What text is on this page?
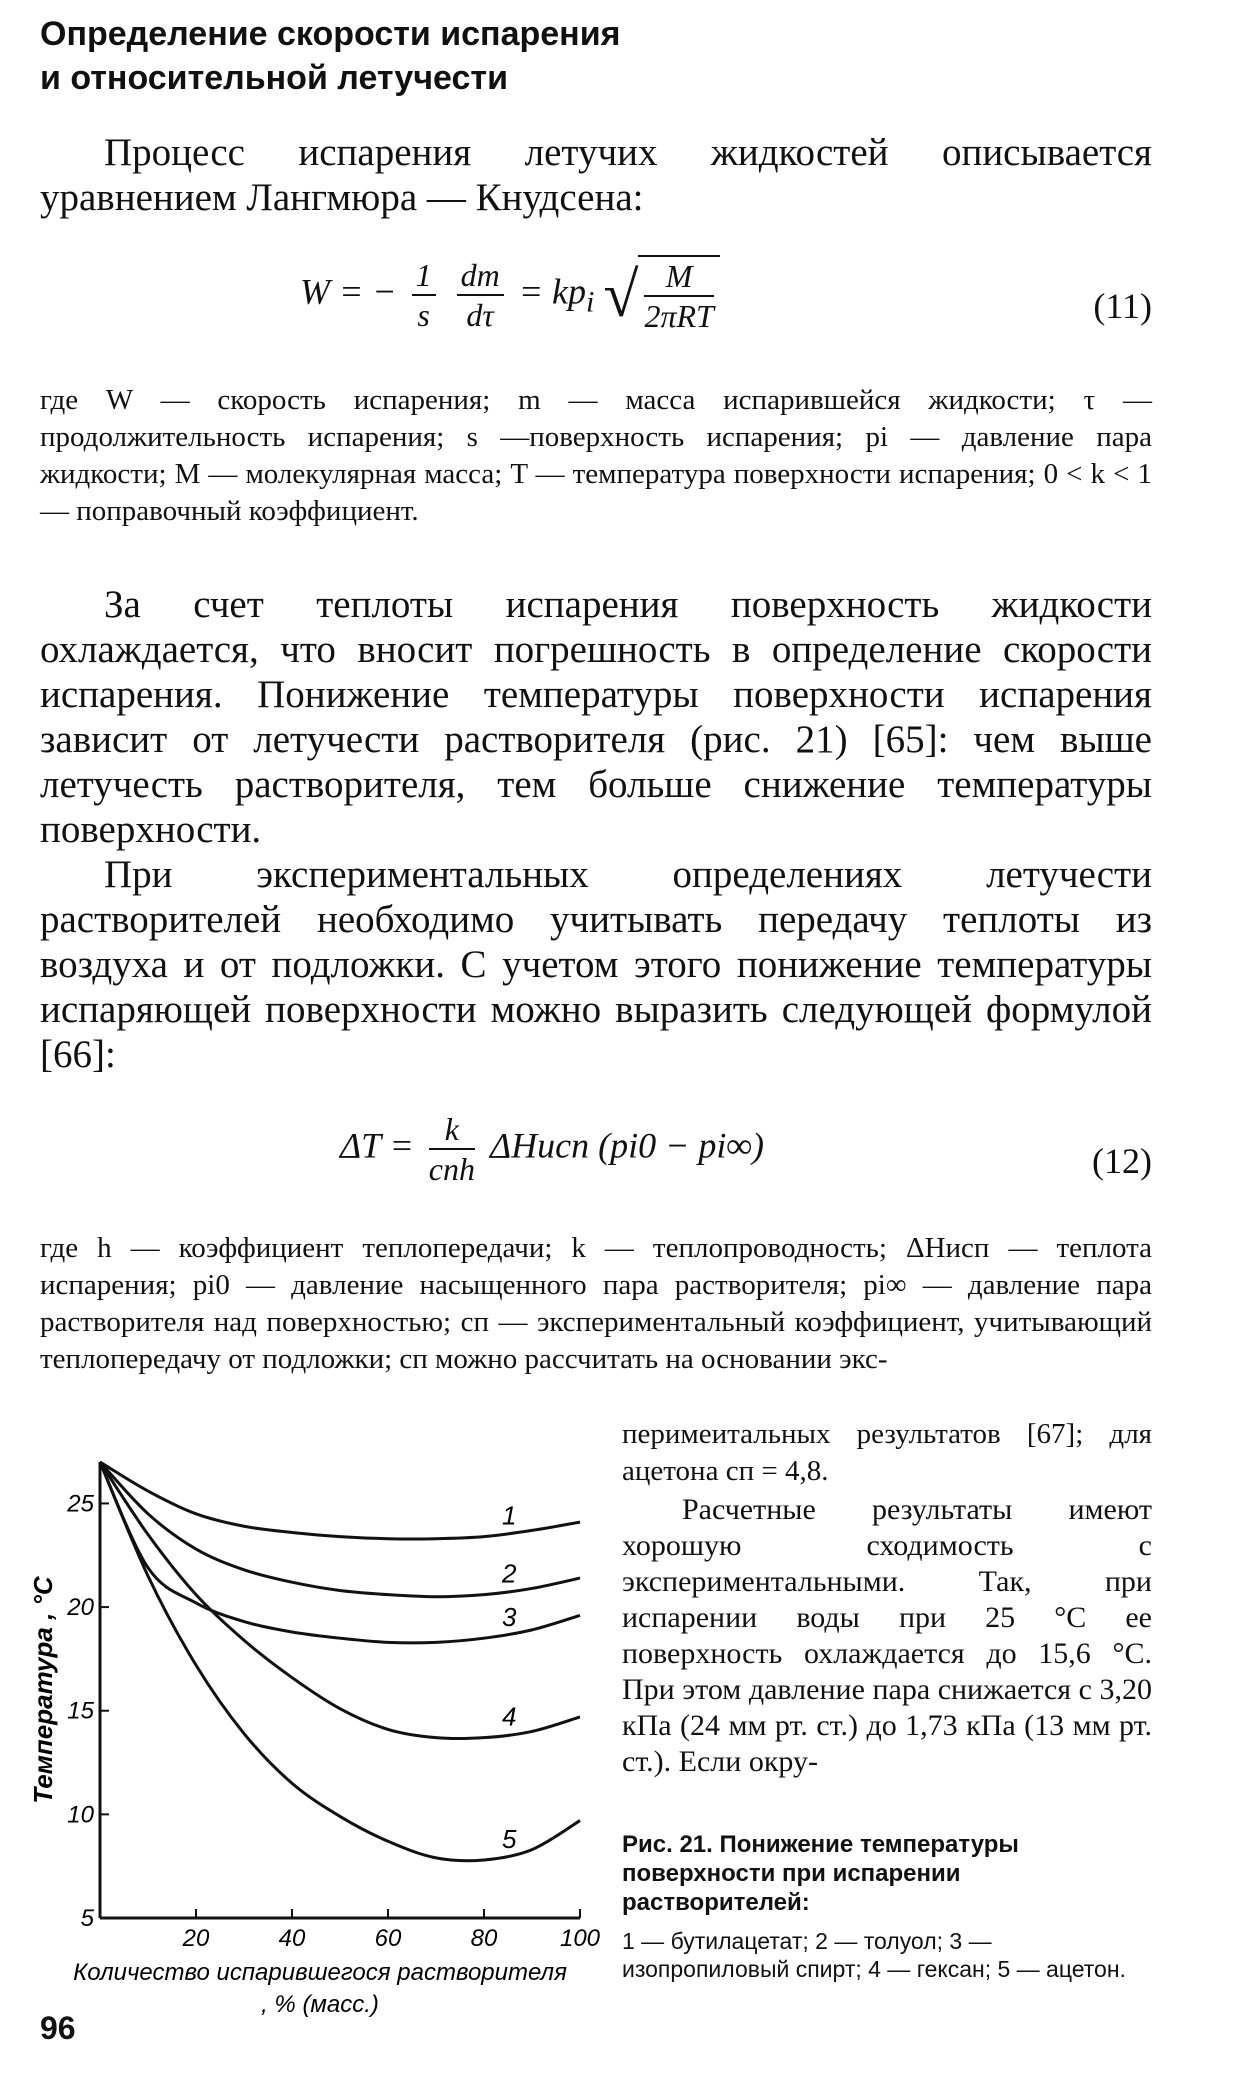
Определение скорости испарения
и относительной летучести
Процесс испарения летучих жидкостей описывается уравнением Лангмюра — Кнудсена:
W = − $\frac{1}{s}$
$\frac{dm}{d\tau} = kp_i$ √ $\frac{M}{\text{2πRT}}$	(11)
где W — скорость испарения; m — масса испарившейся жидкости; τ — продолжительность испарения; s —поверхность испарения; pi — давление пара жидкоcти; M — молекулярная масса; T — температура поверхности испарения; 0 < k < 1 — поправочный коэффициент.
За счет теплоты испарения поверхность жидкости охлаждается, что вносит погрешность в определение скорости испарения. Понижение температуры поверхности испарения зависит от летучести растворителя (рис. 21) [65]: чем выше летучесть растворителя, тем больше снижение температуры поверхности.
При экспериментальных определениях летучести растворителей необходимо учитывать передачу теплоты из воздуха и от подложки. С учетом этого понижение температуры испаряющей поверхности можно выразить следующей формулой [66]:
$\Delta T = \frac{k}{\text{cпh}}$ ΔHисп (pi0 − pi∞)	(12)
где h — коэффициент теплопередачи; k — теплопроводность; ΔHисп — теплота испарения; pi0 — давление насыщенного пара растворителя; pi∞ — давление пара растворителя над поверхностью; cп — экспериментальный коэффициент, учитывающий теплопередачу от подложки; cп можно рассчитать на основании экс-
перимеитальных результатов [67]; для ацетона cп = 4,8.
Расчетные результаты имеют хорошую сходимость с экспериментальными. Так, при испарении воды при 25 °С ее поверхность охлаждается до 15,6 °С. При этом давление пара снижается с 3,20 кПа (24 мм рт. ст.) до 1,73 кПа (13 мм рт. ст.). Если окру-
20	40	60	80	100
5
10
15
20
25
Температура , °С
Количество испарившегося растворителя
, % (масс.)
1
2
3
4
5	Рис. 21. Понижение температуры поверхности при испарении растворителей:
1 — бутилацетат; 2 — толуол; 3 — изопропиловый спирт; 4 — гексан; 5 — ацетон.
96
